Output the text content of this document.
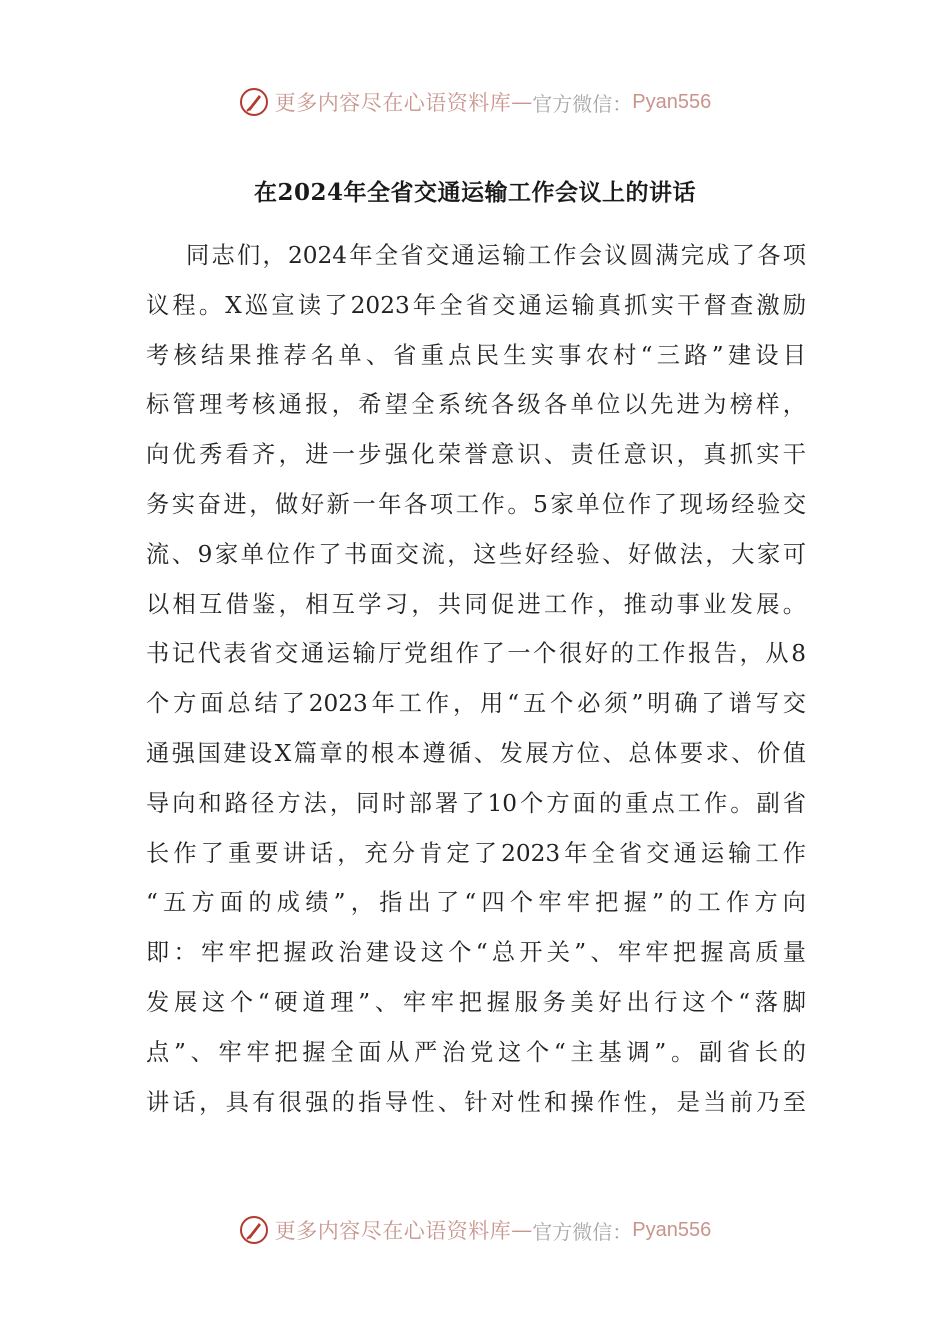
更多内容尽在心语资料库 — 官方微信： Pyan556
在2024年全省交通运输工作会议上的讲话
同志们，2024年全省交通运输工作会议圆满完成了各项
议程。X巡宣读了2023年全省交通运输真抓实干督查激励
考核结果推荐名单、省重点民生实事农村“三路”建设目
标管理考核通报，希望全系统各级各单位以先进为榜样，
向优秀看齐，进一步强化荣誉意识、责任意识，真抓实干
务实奋进，做好新一年各项工作。5家单位作了现场经验交
流、9家单位作了书面交流，这些好经验、好做法，大家可
以相互借鉴，相互学习，共同促进工作，推动事业发展。
书记代表省交通运输厅党组作了一个很好的工作报告，从8
个方面总结了2023年工作，用“五个必须”明确了谱写交
通强国建设X篇章的根本遵循、发展方位、总体要求、价值
导向和路径方法，同时部署了10个方面的重点工作。副省
长作了重要讲话，充分肯定了2023年全省交通运输工作
“五方面的成绩”，指出了“四个牢牢把握”的工作方向
即：牢牢把握政治建设这个“总开关”、牢牢把握高质量
发展这个“硬道理”、牢牢把握服务美好出行这个“落脚
点”、牢牢把握全面从严治党这个“主基调”。副省长的
讲话，具有很强的指导性、针对性和操作性，是当前乃至
更多内容尽在心语资料库 — 官方微信： Pyan556
